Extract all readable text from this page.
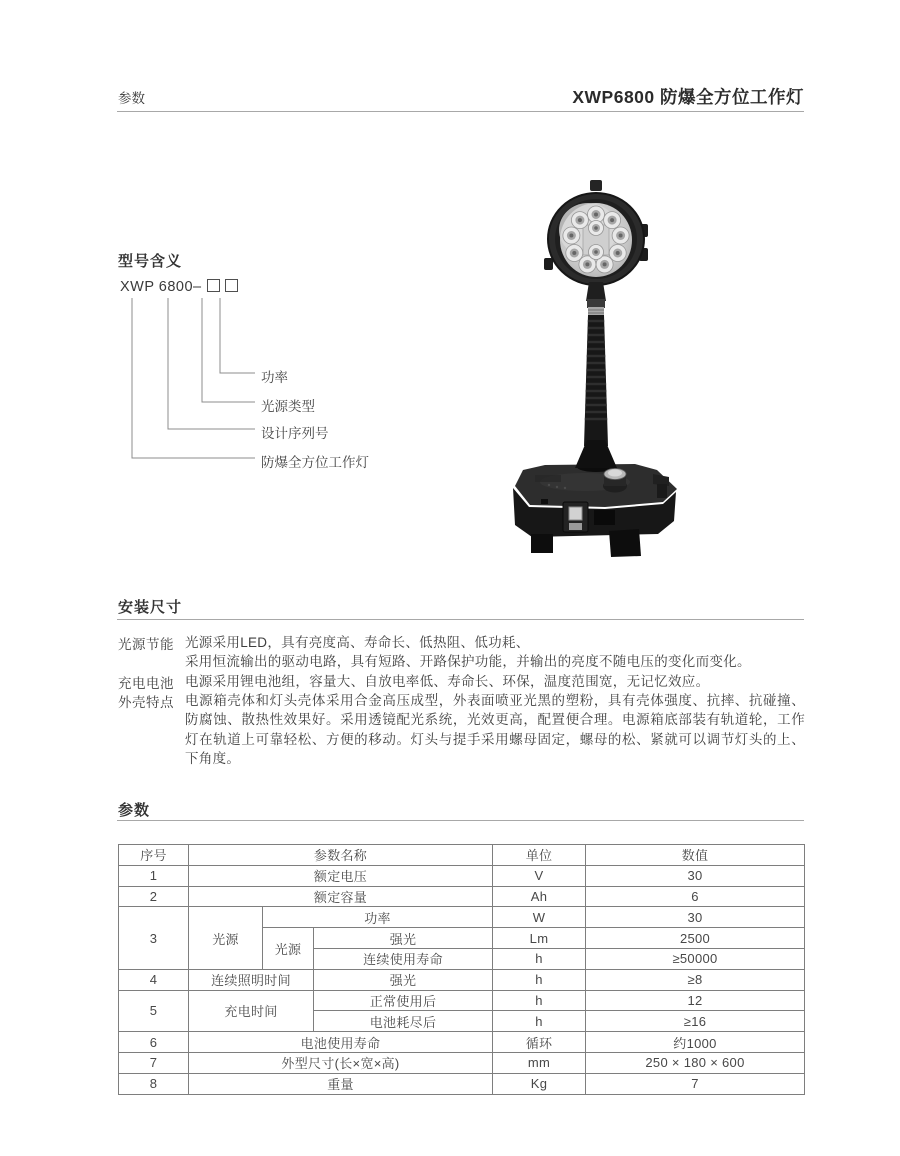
参数	XWP6800 防爆全方位工作灯
型号含义
XWP 6800–
功率
光源类型
设计序列号
防爆全方位工作灯
安装尺寸
光源节能 光源采用LED，具有亮度高、寿命长、低热阻、低功耗、
采用恒流输出的驱动电路，具有短路、开路保护功能，并输出的亮度不随电压的变化而变化。
充电电池 电源采用锂电池组，容量大、自放电率低、寿命长、环保，温度范围宽，无记忆效应。
外壳特点 电源箱壳体和灯头壳体采用合金高压成型，外表面喷亚光黑的塑粉，具有壳体强度、抗摔、抗碰撞、防腐蚀、散热性效果好。采用透镜配光系统，光效更高，配置便合理。电源箱底部装有轨道轮，工作灯在轨道上可靠轻松、方便的移动。灯头与提手采用螺母固定，螺母的松、紧就可以调节灯头的上、下角度。
参数
序号	参数名称			单位	数值
1	额定电压			V	30
2	额定容量			Ah	6
3	光源	功率		W	30
		光源	强光	Lm	2500
			连续使用寿命	h	≥50000
4	连续照明时间		强光	h	≥8
5	充电时间		正常使用后	h	12
			电池耗尽后	h	≥16
6	电池使用寿命			循环	约1000
7	外型尺寸(长×宽×高)			mm	250 × 180 × 600
8	重量			Kg	7
